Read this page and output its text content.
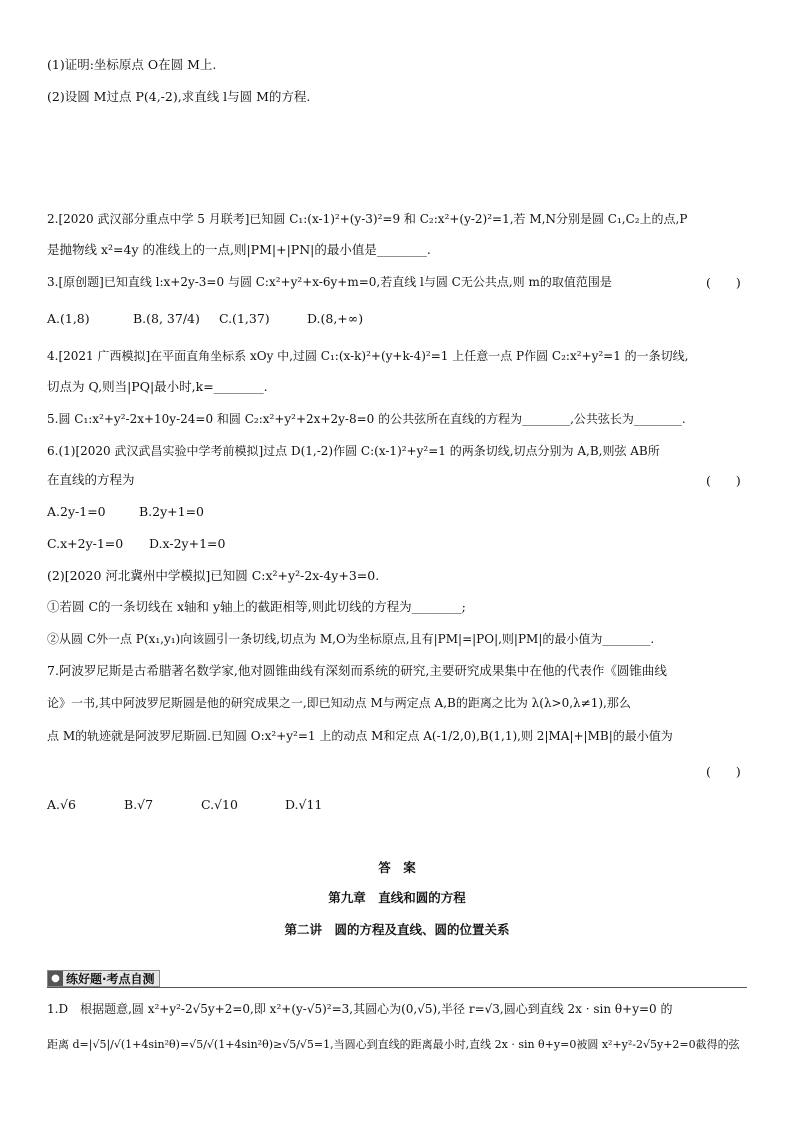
(1)证明:坐标原点 O在圆 M上.
(2)设圆 M过点 P(4,-2),求直线 l与圆 M的方程.
2.[2020 武汉部分重点中学 5 月联考]已知圆 C₁:(x-1)²+(y-3)²=9 和 C₂:x²+(y-2)²=1,若 M,N分别是圆 C₁,C₂上的点,P
是抛物线 x²=4y 的准线上的一点,则|PM|+|PN|的最小值是________.
3.[原创题]已知直线 l:x+2y-3=0 与圆 C:x²+y²+x-6y+m=0,若直线 l与圆 C无公共点,则 m的取值范围是	(　　)
A.(1,8)	B.(8, 37/4) C.(1,37)	D.(8,+∞)
4.[2021 广西模拟]在平面直角坐标系 xOy 中,过圆 C₁:(x-k)²+(y+k-4)²=1 上任意一点 P作圆 C₂:x²+y²=1 的一条切线,
切点为 Q,则当|PQ|最小时,k=________.
5.圆 C₁:x²+y²-2x+10y-24=0 和圆 C₂:x²+y²+2x+2y-8=0 的公共弦所在直线的方程为________,公共弦长为________.
6.(1)[2020 武汉武昌实验中学考前模拟]过点 D(1,-2)作圆 C:(x-1)²+y²=1 的两条切线,切点分别为 A,B,则弦 AB所
在直线的方程为	(　　)
A.2y-1=0	B.2y+1=0
C.x+2y-1=0 D.x-2y+1=0
(2)[2020 河北冀州中学模拟]已知圆 C:x²+y²-2x-4y+3=0.
①若圆 C的一条切线在 x轴和 y轴上的截距相等,则此切线的方程为________;
②从圆 C外一点 P(x₁,y₁)向该圆引一条切线,切点为 M,O为坐标原点,且有|PM|=|PO|,则|PM|的最小值为________.
7.阿波罗尼斯是古希腊著名数学家,他对圆锥曲线有深刻而系统的研究,主要研究成果集中在他的代表作《圆锥曲线
论》一书,其中阿波罗尼斯圆是他的研究成果之一,即已知动点 M与两定点 A,B的距离之比为 λ(λ>0,λ≠1),那么
点 M的轨迹就是阿波罗尼斯圆.已知圆 O:x²+y²=1 上的动点 M和定点 A(-1/2,0),B(1,1),则 2|MA|+|MB|的最小值为
(　　)
A.√6	B.√7	C.√10	D.√11
答　案
第九章　直线和圆的方程
第二讲　圆的方程及直线、圆的位置关系
● 练好题·考点自测
1.D　根据题意,圆 x²+y²-2√5y+2=0,即 x²+(y-√5)²=3,其圆心为(0,√5),半径 r=√3,圆心到直线 2x · sin θ+y=0 的
距离 d=|√5|/√(1+4sin²θ)=√5/√(1+4sin²θ)≥√5/√5=1,当圆心到直线的距离最小时,直线 2x · sin θ+y=0被圆 x²+y²-2√5y+2=0截得的弦
